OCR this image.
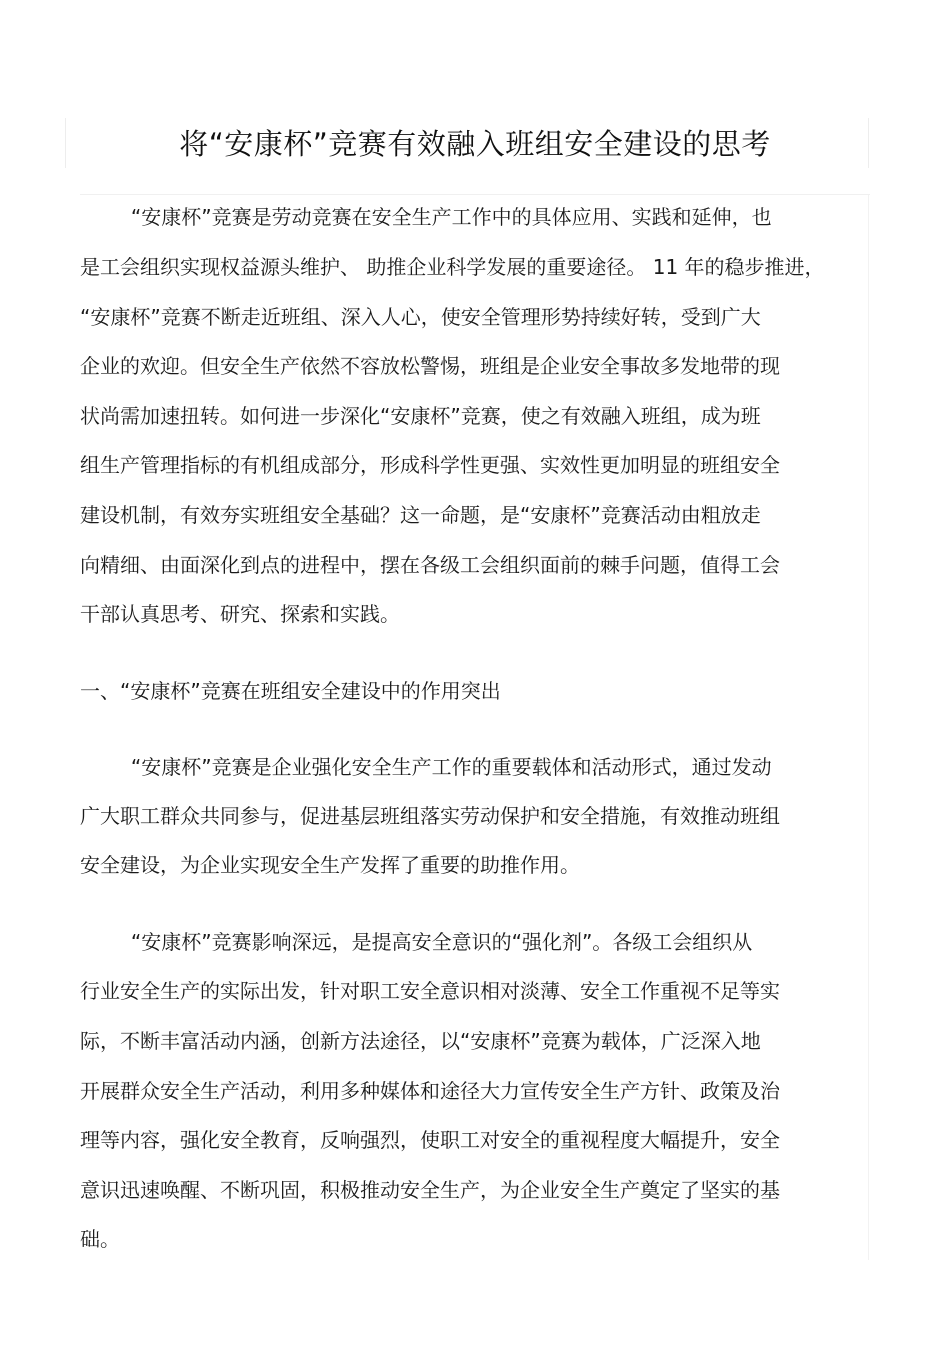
将“安康杯”竞赛有效融入班组安全建设的思考
“安康杯”竞赛是劳动竞赛在安全生产工作中的具体应用、实践和延伸，也
是工会组织实现权益源头维护、 助推企业科学发展的重要途径。 11 年的稳步推进，
“安康杯”竞赛不断走近班组、深入人心，使安全管理形势持续好转，受到广大
企业的欢迎。但安全生产依然不容放松警惕，班组是企业安全事故多发地带的现
状尚需加速扭转。如何进一步深化“安康杯”竞赛，使之有效融入班组，成为班
组生产管理指标的有机组成部分，形成科学性更强、实效性更加明显的班组安全
建设机制，有效夯实班组安全基础？这一命题，是“安康杯”竞赛活动由粗放走
向精细、由面深化到点的进程中，摆在各级工会组织面前的棘手问题，值得工会
干部认真思考、研究、探索和实践。
一、“安康杯”竞赛在班组安全建设中的作用突出
“安康杯”竞赛是企业强化安全生产工作的重要载体和活动形式，通过发动
广大职工群众共同参与，促进基层班组落实劳动保护和安全措施，有效推动班组
安全建设，为企业实现安全生产发挥了重要的助推作用。
“安康杯”竞赛影响深远，是提高安全意识的“强化剂”。各级工会组织从
行业安全生产的实际出发，针对职工安全意识相对淡薄、安全工作重视不足等实
际，不断丰富活动内涵，创新方法途径，以“安康杯”竞赛为载体，广泛深入地
开展群众安全生产活动，利用多种媒体和途径大力宣传安全生产方针、政策及治
理等内容，强化安全教育，反响强烈，使职工对安全的重视程度大幅提升，安全
意识迅速唤醒、不断巩固，积极推动安全生产，为企业安全生产奠定了坚实的基
础。
